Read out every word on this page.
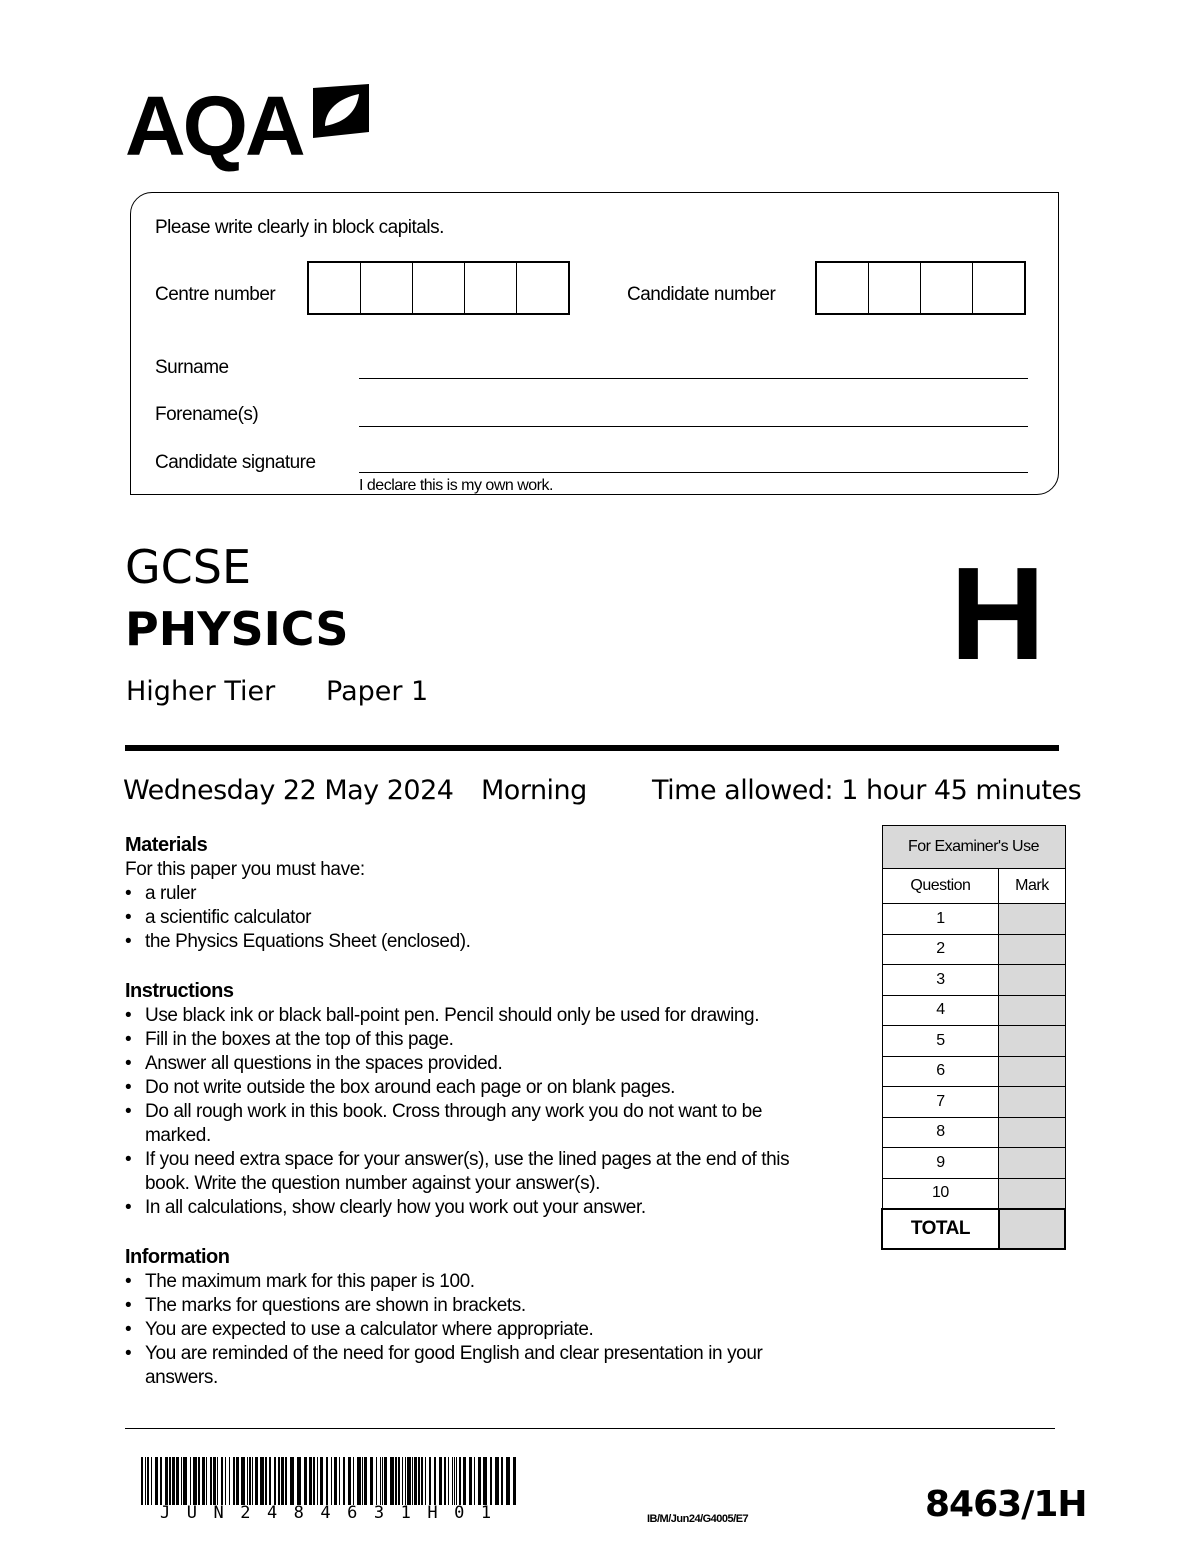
AQA
Please write clearly in block capitals.
Centre number	Candidate number
Surname
Forename(s)
Candidate signature
I declare this is my own work.
GCSE
PHYSICS
Higher Tier Paper 1
H
Wednesday 22 May 2024 Morning Time allowed: 1 hour 45 minutes
Materials
For this paper you must have:
• a ruler
• a scientific calculator
• the Physics Equations Sheet (enclosed).
Instructions
• Use black ink or black ball-point pen. Pencil should only be used for drawing.
• Fill in the boxes at the top of this page.
• Answer all questions in the spaces provided.
• Do not write outside the box around each page or on blank pages.
• Do all rough work in this book. Cross through any work you do not want to be marked.
• If you need extra space for your answer(s), use the lined pages at the end of this book. Write the question number against your answer(s).
• In all calculations, show clearly how you work out your answer.
Information
• The maximum mark for this paper is 100.
• The marks for questions are shown in brackets.
• You are expected to use a calculator where appropriate.
• You are reminded of the need for good English and clear presentation in your answers.
For Examiner's Use	
Question	Mark
1	
2	
3	
4	
5	
6	
7	
8	
9	
10	
TOTAL	
JUN2484631H01	IB/M/Jun24/G4005/E7	8463/1H
